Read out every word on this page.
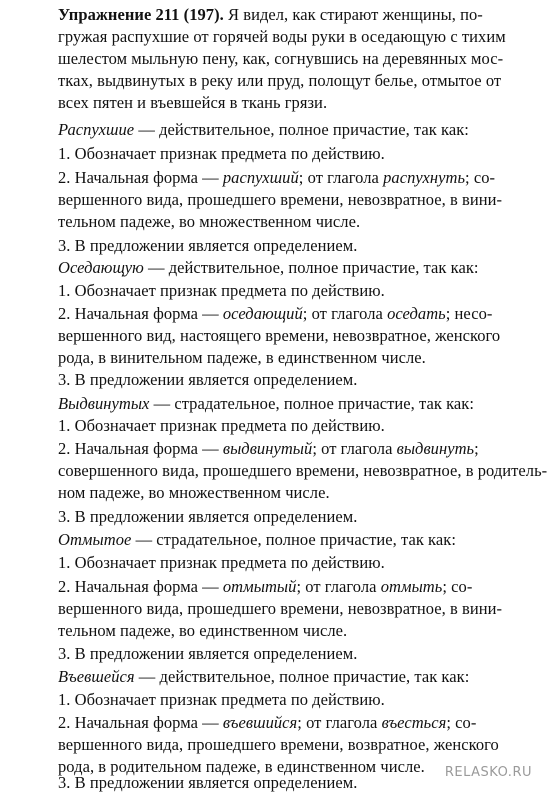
Упражнение 211 (197). Я видел, как стирают женщины, по-
гружая распухшие от горячей воды руки в оседающую с тихим
шелестом мыльную пену, как, согнувшись на деревянных мос-
тках, выдвинутых в реку или пруд, полощут белье, отмытое от
всех пятен и въевшейся в ткань грязи.
Распухшие — действительное, полное причастие, так как:
1. Обозначает признак предмета по действию.
2. Начальная форма — распухший; от глагола распухнуть; со-
вершенного вида, прошедшего времени, невозвратное, в вини-
тельном падеже, во множественном числе.
3. В предложении является определением.
Оседающую — действительное, полное причастие, так как:
1. Обозначает признак предмета по действию.
2. Начальная форма — оседающий; от глагола оседать; несо-
вершенного вид, настоящего времени, невозвратное, женского
рода, в винительном падеже, в единственном числе.
3. В предложении является определением.
Выдвинутых — страдательное, полное причастие, так как:
1. Обозначает признак предмета по действию.
2. Начальная форма — выдвинутый; от глагола выдвинуть;
совершенного вида, прошедшего времени, невозвратное, в родитель-
ном падеже, во множественном числе.
3. В предложении является определением.
Отмытое — страдательное, полное причастие, так как:
1. Обозначает признак предмета по действию.
2. Начальная форма — отмытый; от глагола отмыть; со-
вершенного вида, прошедшего времени, невозвратное, в вини-
тельном падеже, во единственном числе.
3. В предложении является определением.
Въевшейся — действительное, полное причастие, так как:
1. Обозначает признак предмета по действию.
2. Начальная форма — въевшийся; от глагола въесться; со-
вершенного вида, прошедшего времени, возвратное, женского
рода, в родительном падеже, в единственном числе.
3. В предложении является определением.
RELASKO.RU
